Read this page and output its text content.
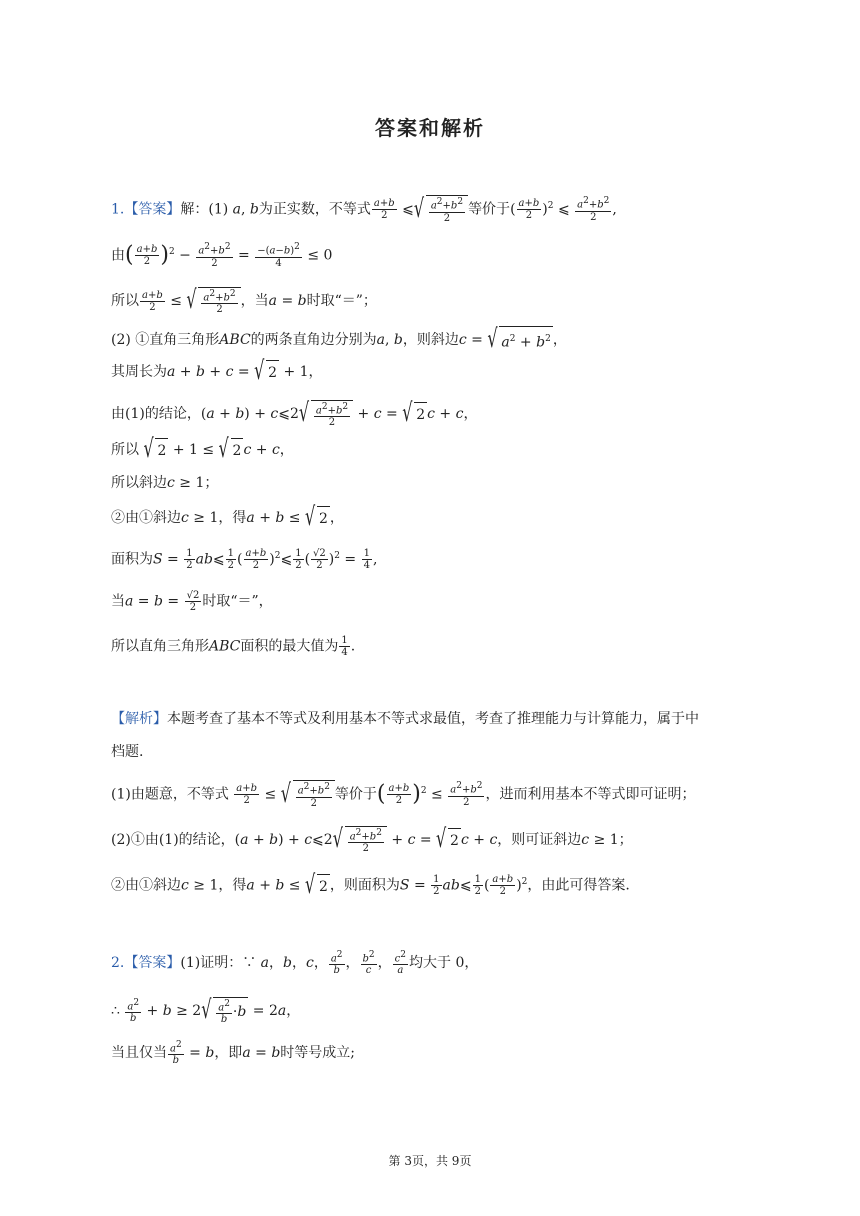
答案和解析
1.【答案】解：(1) a, b为正实数，不等式 $\frac{a+b}{2}$ ⩽ √ $\frac{a^2+b^2}{2}$ 等价于( $\frac{a+b}{2} )^2$ ⩽ $\frac{a^2+b^2}{2}$ ,
由( $\frac{a+b}{2} )^2 - \frac{a^2+b^2}{2} = \frac{-(a-b)^2}{4} \le 0$
所以 $\frac{a+b}{2}$ ≤ √ $\frac{a^2+b^2}{2}$ ，当a = b时取“＝”；
(2) ①直角三角形ABC的两条直角边分别为a, b，则斜边c = √ $a^2 + b^2$ ，
其周长为a + b + c = √ 2 + 1，
由(1)的结论，(a + b) + c⩽2 √ $\frac{a^2+b^2}{2} + c$ = √ 2 c + c，
所以 √ 2 + 1 ≤ √ 2 c + c，
所以斜边c ≥ 1；
②由①斜边c ≥ 1，得a + b ≤ √ 2 ，
面积为$S = \frac{1}{2}$ ab⩽ $\frac{1}{2}$ ( $\frac{a+b}{2}$ )$^2$⩽ $\frac{1}{2}$ ( $\frac{√2}{2} )^2 = \frac{1}{4}$ ,
当$a = b = \frac{√2}{2}$ 时取“＝”，
所以直角三角形ABC面积的最大值为 $\frac{1}{4}$ .
【解析】本题考查了基本不等式及利用基本不等式求最值，考查了推理能力与计算能力，属于中
档题.
(1)由题意，不等式 $\frac{a+b}{2}$ ≤ √ $\frac{a^2+b^2}{2}$ 等价于( $\frac{a+b}{2} )^2 \le \frac{a^2+b^2}{2}$ ，进而利用基本不等式即可证明；
(2)①由(1)的结论，(a + b) + c⩽2 √ $\frac{a^2+b^2}{2} + c$ = √ 2 c + c，则可证斜边c ≥ 1；
②由①斜边c ≥ 1，得a + b ≤ √ 2 ，则面积为$S = \frac{1}{2}$ ab⩽ $\frac{1}{2}$ ( $\frac{a+b}{2} )^2$，由此可得答案.
2.【答案】(1)证明：∵ a，b，c， $\frac{a^2}{b}$ ， $\frac{b^2}{c}$ ， $\frac{c^2}{a}$ 均大于 0，
∴ $\frac{a^2}{b} + b \ge 2$ √ $\frac{a^2}{b} \cdot b = 2a$，
当且仅当 $\frac{a^2}{b} = b$，即a = b时等号成立;
第 3页，共 9页
